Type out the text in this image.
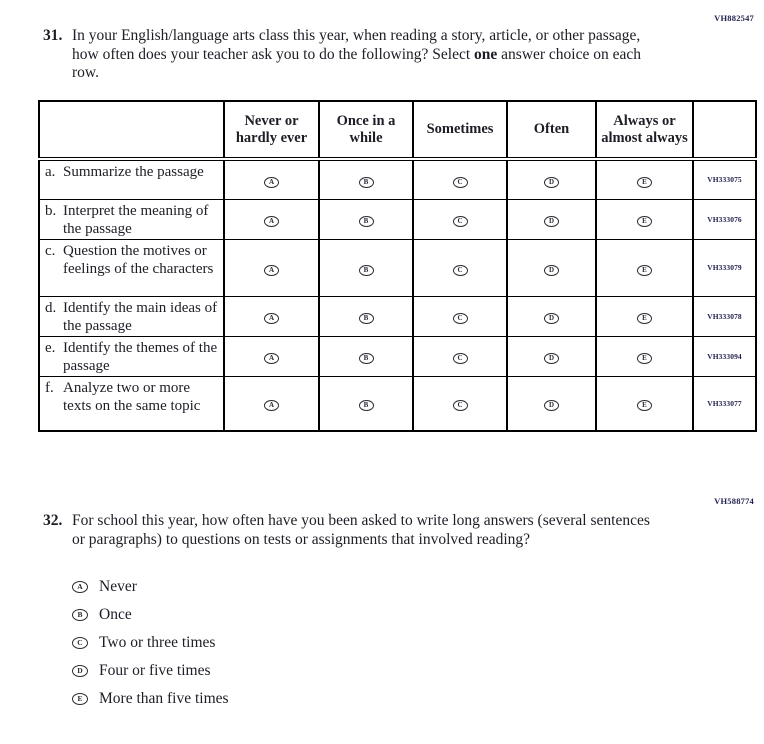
VH882547
31. In your English/language arts class this year, when reading a story, article, or other passage, how often does your teacher ask you to do the following? Select one answer choice on each row.
	Never or hardly ever	Once in a while	Sometimes	Often	Always or almost always	

a. Summarize the passage	A	B	C	D	E	VH333075

b. Interpret the meaning of the passage	A	B	C	D	E	VH333076

c. Question the motives or feelings of the characters	A	B	C	D	E	VH333079

d. Identify the main ideas of the passage	A	B	C	D	E	VH333078

e. Identify the themes of the passage	A	B	C	D	E	VH333094

f. Analyze two or more texts on the same topic	A	B	C	D	E	VH333077
VH588774
32. For school this year, how often have you been asked to write long answers (several sentences or paragraphs) to questions on tests or assignments that involved reading?
A	Never
B	Once
C	Two or three times
D	Four or five times
E	More than five times
